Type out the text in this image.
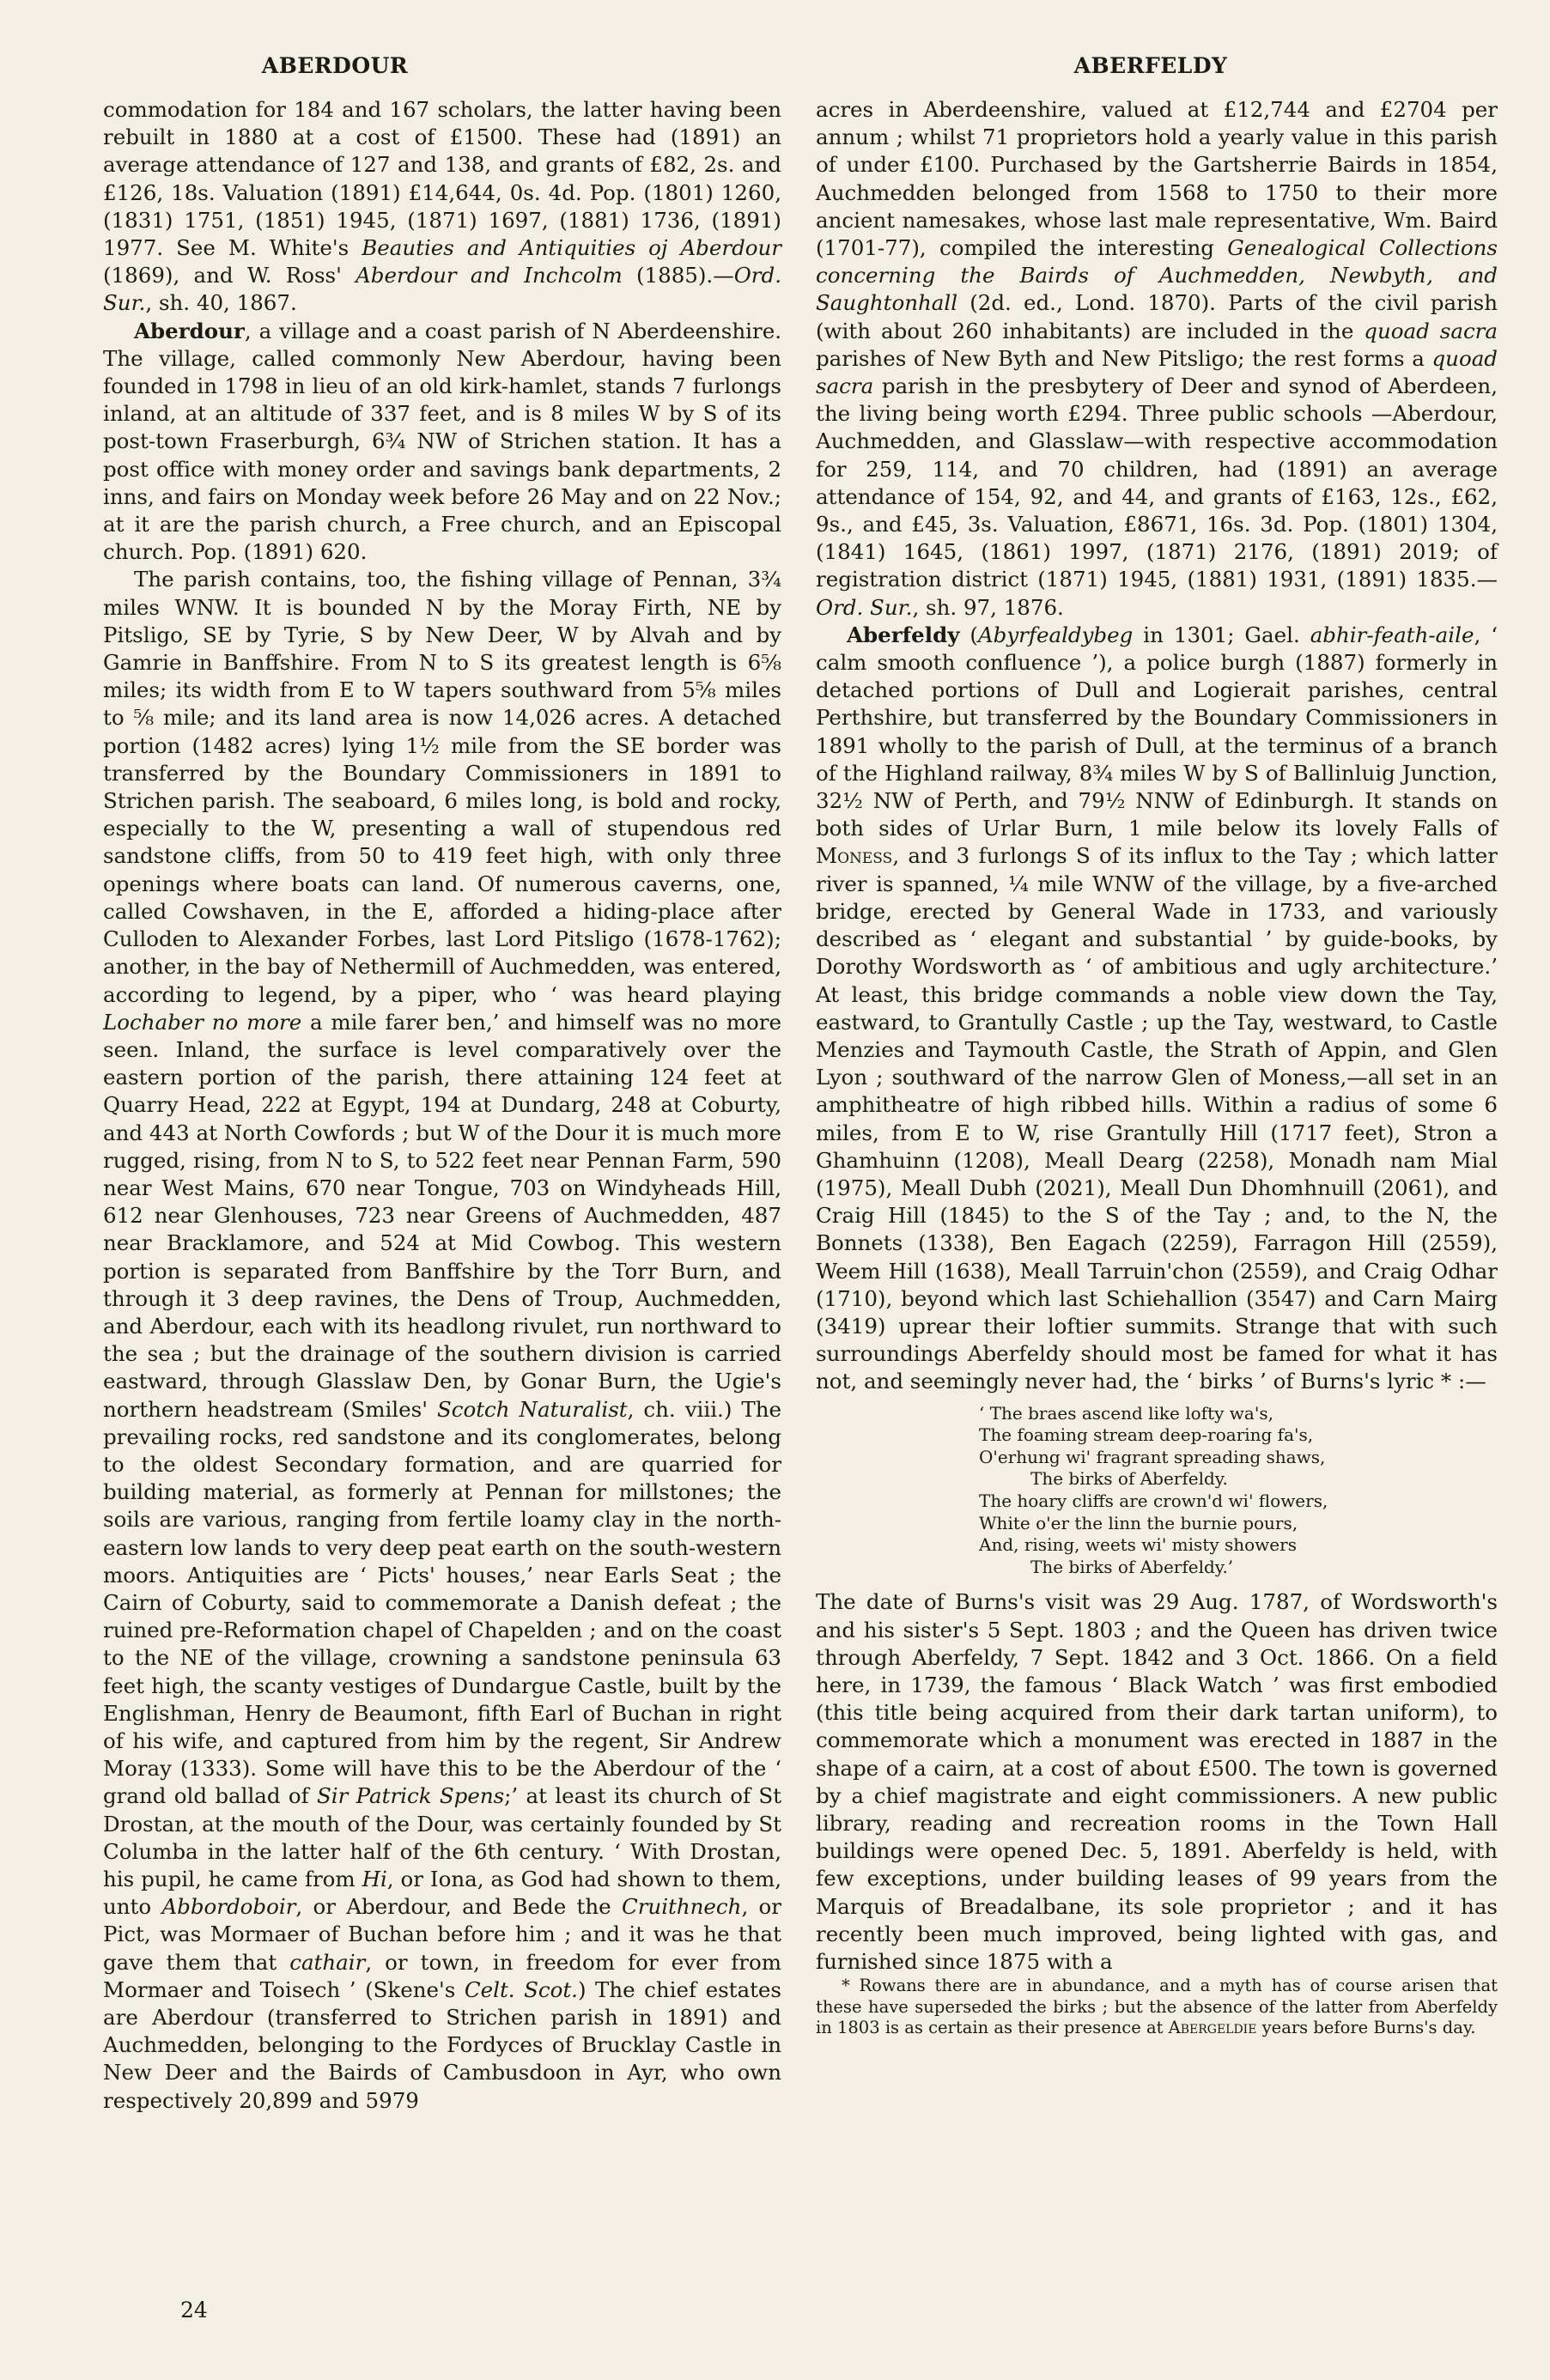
ABERDOUR	ABERFELDY

commodation for 184 and 167 scholars, the latter having been rebuilt in 1880 at a cost of £1500. These had (1891) an average attendance of 127 and 138, and grants of £82, 2s. and £126, 18s. Valuation (1891) £14,644, 0s. 4d. Pop. (1801) 1260, (1831) 1751, (1851) 1945, (1871) 1697, (1881) 1736, (1891) 1977. See M. White's Beauties and Antiquities oj Aberdour (1869), and W. Ross' Aberdour and Inchcolm (1885).—Ord. Sur., sh. 40, 1867.

Aberdour, a village and a coast parish of N Aberdeenshire. The village, called commonly New Aberdour, having been founded in 1798 in lieu of an old kirk-hamlet, stands 7 furlongs inland, at an altitude of 337 feet, and is 8 miles W by S of its post-town Fraserburgh, 6¾ NW of Strichen station. It has a post office with money order and savings bank departments, 2 inns, and fairs on Monday week before 26 May and on 22 Nov.; at it are the parish church, a Free church, and an Episcopal church. Pop. (1891) 620.

The parish contains, too, the fishing village of Pennan, 3¾ miles WNW. It is bounded N by the Moray Firth, NE by Pitsligo, SE by Tyrie, S by New Deer, W by Alvah and by Gamrie in Banffshire. From N to S its greatest length is 6⅝ miles; its width from E to W tapers southward from 5⅝ miles to ⅝ mile; and its land area is now 14,026 acres. A detached portion (1482 acres) lying 1½ mile from the SE border was transferred by the Boundary Commissioners in 1891 to Strichen parish. The seaboard, 6 miles long, is bold and rocky, especially to the W, presenting a wall of stupendous red sandstone cliffs, from 50 to 419 feet high, with only three openings where boats can land. Of numerous caverns, one, called Cowshaven, in the E, afforded a hiding-place after Culloden to Alexander Forbes, last Lord Pitsligo (1678-1762); another, in the bay of Nethermill of Auchmedden, was entered, according to legend, by a piper, who ‘ was heard playing Lochaber no more a mile farer ben,’ and himself was no more seen. Inland, the surface is level comparatively over the eastern portion of the parish, there attaining 124 feet at Quarry Head, 222 at Egypt, 194 at Dundarg, 248 at Coburty, and 443 at North Cowfords ; but W of the Dour it is much more rugged, rising, from N to S, to 522 feet near Pennan Farm, 590 near West Mains, 670 near Tongue, 703 on Windyheads Hill, 612 near Glenhouses, 723 near Greens of Auchmedden, 487 near Bracklamore, and 524 at Mid Cowbog. This western portion is separated from Banffshire by the Torr Burn, and through it 3 deep ravines, the Dens of Troup, Auchmedden, and Aberdour, each with its headlong rivulet, run northward to the sea ; but the drainage of the southern division is carried eastward, through Glasslaw Den, by Gonar Burn, the Ugie's northern headstream (Smiles' Scotch Naturalist, ch. viii.) The prevailing rocks, red sandstone and its conglomerates, belong to the oldest Secondary formation, and are quarried for building material, as formerly at Pennan for millstones; the soils are various, ranging from fertile loamy clay in the north-eastern low lands to very deep peat earth on the south-western moors. Antiquities are ‘ Picts' houses,’ near Earls Seat ; the Cairn of Coburty, said to commemorate a Danish defeat ; the ruined pre-Reformation chapel of Chapelden ; and on the coast to the NE of the village, crowning a sandstone peninsula 63 feet high, the scanty vestiges of Dundargue Castle, built by the Englishman, Henry de Beaumont, fifth Earl of Buchan in right of his wife, and captured from him by the regent, Sir Andrew Moray (1333). Some will have this to be the Aberdour of the ‘ grand old ballad of Sir Patrick Spens;’ at least its church of St Drostan, at the mouth of the Dour, was certainly founded by St Columba in the latter half of the 6th century. ‘ With Drostan, his pupil, he came from Hi, or Iona, as God had shown to them, unto Abbordoboir, or Aberdour, and Bede the Cruithnech, or Pict, was Mormaer of Buchan before him ; and it was he that gave them that cathair, or town, in freedom for ever from Mormaer and Toisech ’ (Skene's Celt. Scot.) The chief estates are Aberdour (transferred to Strichen parish in 1891) and Auchmedden, belonging to the Fordyces of Brucklay Castle in New Deer and the Bairds of Cambusdoon in Ayr, who own respectively 20,899 and 5979

acres in Aberdeenshire, valued at £12,744 and £2704 per annum ; whilst 71 proprietors hold a yearly value in this parish of under £100. Purchased by the Gartsherrie Bairds in 1854, Auchmedden belonged from 1568 to 1750 to their more ancient namesakes, whose last male representative, Wm. Baird (1701-77), compiled the interesting Genealogical Collections concerning the Bairds of Auchmedden, Newbyth, and Saughtonhall (2d. ed., Lond. 1870). Parts of the civil parish (with about 260 inhabitants) are included in the quoad sacra parishes of New Byth and New Pitsligo; the rest forms a quoad sacra parish in the presbytery of Deer and synod of Aberdeen, the living being worth £294. Three public schools —Aberdour, Auchmedden, and Glasslaw—with respective accommodation for 259, 114, and 70 children, had (1891) an average attendance of 154, 92, and 44, and grants of £163, 12s., £62, 9s., and £45, 3s. Valuation, £8671, 16s. 3d. Pop. (1801) 1304, (1841) 1645, (1861) 1997, (1871) 2176, (1891) 2019; of registration district (1871) 1945, (1881) 1931, (1891) 1835.—Ord. Sur., sh. 97, 1876.

Aberfeldy (Abyrfealdybeg in 1301; Gael. abhir-feath-aile, ‘ calm smooth confluence ’), a police burgh (1887) formerly in detached portions of Dull and Logierait parishes, central Perthshire, but transferred by the Boundary Commissioners in 1891 wholly to the parish of Dull, at the terminus of a branch of the Highland railway, 8¾ miles W by S of Ballinluig Junction, 32½ NW of Perth, and 79½ NNW of Edinburgh. It stands on both sides of Urlar Burn, 1 mile below its lovely Falls of Moness, and 3 furlongs S of its influx to the Tay ; which latter river is spanned, ¼ mile WNW of the village, by a five-arched bridge, erected by General Wade in 1733, and variously described as ‘ elegant and substantial ’ by guide-books, by Dorothy Wordsworth as ‘ of ambitious and ugly architecture.’ At least, this bridge commands a noble view down the Tay, eastward, to Grantully Castle ; up the Tay, westward, to Castle Menzies and Taymouth Castle, the Strath of Appin, and Glen Lyon ; southward of the narrow Glen of Moness,—all set in an amphitheatre of high ribbed hills. Within a radius of some 6 miles, from E to W, rise Grantully Hill (1717 feet), Stron a Ghamhuinn (1208), Meall Dearg (2258), Monadh nam Mial (1975), Meall Dubh (2021), Meall Dun Dhomhnuill (2061), and Craig Hill (1845) to the S of the Tay ; and, to the N, the Bonnets (1338), Ben Eagach (2259), Farragon Hill (2559), Weem Hill (1638), Meall Tarruin'chon (2559), and Craig Odhar (1710), beyond which last Schiehallion (3547) and Carn Mairg (3419) uprear their loftier summits. Strange that with such surroundings Aberfeldy should most be famed for what it has not, and seemingly never had, the ‘ birks ’ of Burns's lyric * :—

‘ The braes ascend like lofty wa's,
The foaming stream deep-roaring fa's,
O'erhung wi' fragrant spreading shaws,
The birks of Aberfeldy.
The hoary cliffs are crown'd wi' flowers,
White o'er the linn the burnie pours,
And, rising, weets wi' misty showers
The birks of Aberfeldy.’

The date of Burns's visit was 29 Aug. 1787, of Wordsworth's and his sister's 5 Sept. 1803 ; and the Queen has driven twice through Aberfeldy, 7 Sept. 1842 and 3 Oct. 1866. On a field here, in 1739, the famous ‘ Black Watch ’ was first embodied (this title being acquired from their dark tartan uniform), to commemorate which a monument was erected in 1887 in the shape of a cairn, at a cost of about £500. The town is governed by a chief magistrate and eight commissioners. A new public library, reading and recreation rooms in the Town Hall buildings were opened Dec. 5, 1891. Aberfeldy is held, with few exceptions, under building leases of 99 years from the Marquis of Breadalbane, its sole proprietor ; and it has recently been much improved, being lighted with gas, and furnished since 1875 with a

* Rowans there are in abundance, and a myth has of course arisen that these have superseded the birks ; but the absence of the latter from Aberfeldy in 1803 is as certain as their presence at Abergeldie years before Burns's day.

24
